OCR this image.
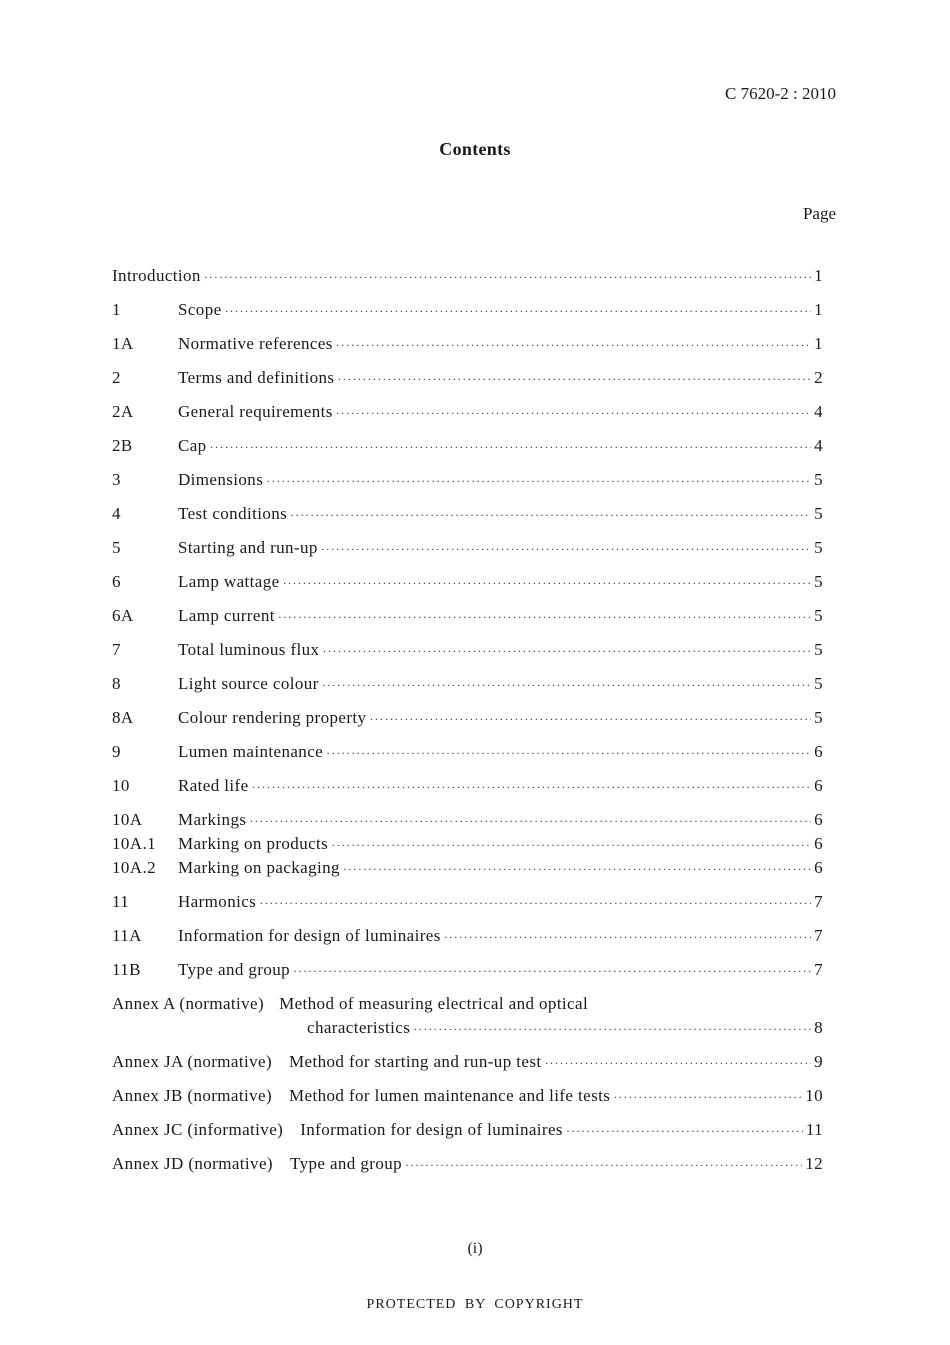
C 7620-2 : 2010
Contents
Page
Introduction ·····	1
1	Scope ·····	1
1A	Normative references ·····	1
2	Terms and definitions ·····	2
2A	General requirements ·····	4
2B	Cap ·····	4
3	Dimensions ·····	5
4	Test conditions ·····	5
5	Starting and run-up ·····	5
6	Lamp wattage ·····	5
6A	Lamp current ·····	5
7	Total luminous flux ·····	5
8	Light source colour ·····	5
8A	Colour rendering property ·····	5
9	Lumen maintenance ·····	6
10	Rated life ·····	6
10A	Markings ·····	6
10A.1	Marking on products ·····	6
10A.2	Marking on packaging ·····	6
11	Harmonics ·····	7
11A	Information for design of luminaires ·····	7
11B	Type and group ·····	7
Annex A (normative) Method of measuring electrical and optical
characteristics ·····	8
Annex JA (normative) Method for starting and run-up test ·····	9
Annex JB (normative) Method for lumen maintenance and life tests ·····	10
Annex JC (informative) Information for design of luminaires ·····	11
Annex JD (normative) Type and group ·····	12
(i)
PROTECTED BY COPYRIGHT
